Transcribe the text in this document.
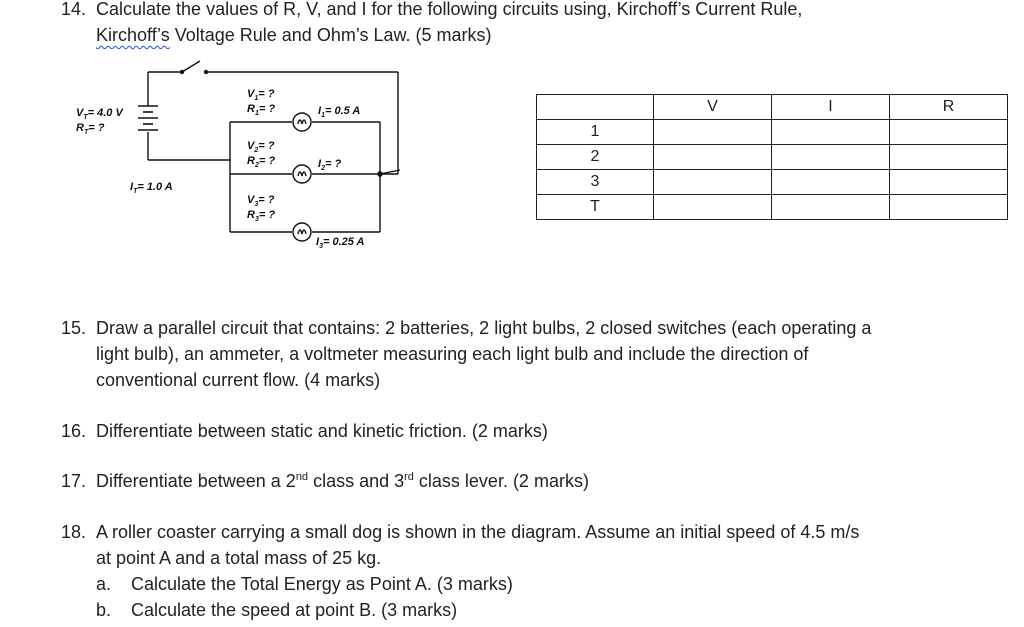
14. Calculate the values of R, V, and I for the following circuits using, Kirchoff’s Current Rule,
Kirchoff’s Voltage Rule and Ohm’s Law. (5 marks)
$V_T= 4.0$ V
$R_T=$ ?
$I_T= 1.0$ A
$V_1=$ ?
$R_1=$ ?	$I_1= 0.5$ A
$V_2=$ ?
$R_2=$ ?	$I_2=$ ?
$V_3=$ ?
$R_3=$ ?
$I_3= 0.25$ A
	V	I	R
1			
2			
3			
T			
15. Draw a parallel circuit that contains: 2 batteries, 2 light bulbs, 2 closed switches (each operating a
light bulb), an ammeter, a voltmeter measuring each light bulb and include the direction of
conventional current flow. (4 marks)
16. Differentiate between static and kinetic friction. (2 marks)
17. Differentiate between a 2nd class and 3rd class lever. (2 marks)
18. A roller coaster carrying a small dog is shown in the diagram. Assume an initial speed of 4.5 m/s
at point A and a total mass of 25 kg.
a. Calculate the Total Energy as Point A. (3 marks)
b. Calculate the speed at point B. (3 marks)
